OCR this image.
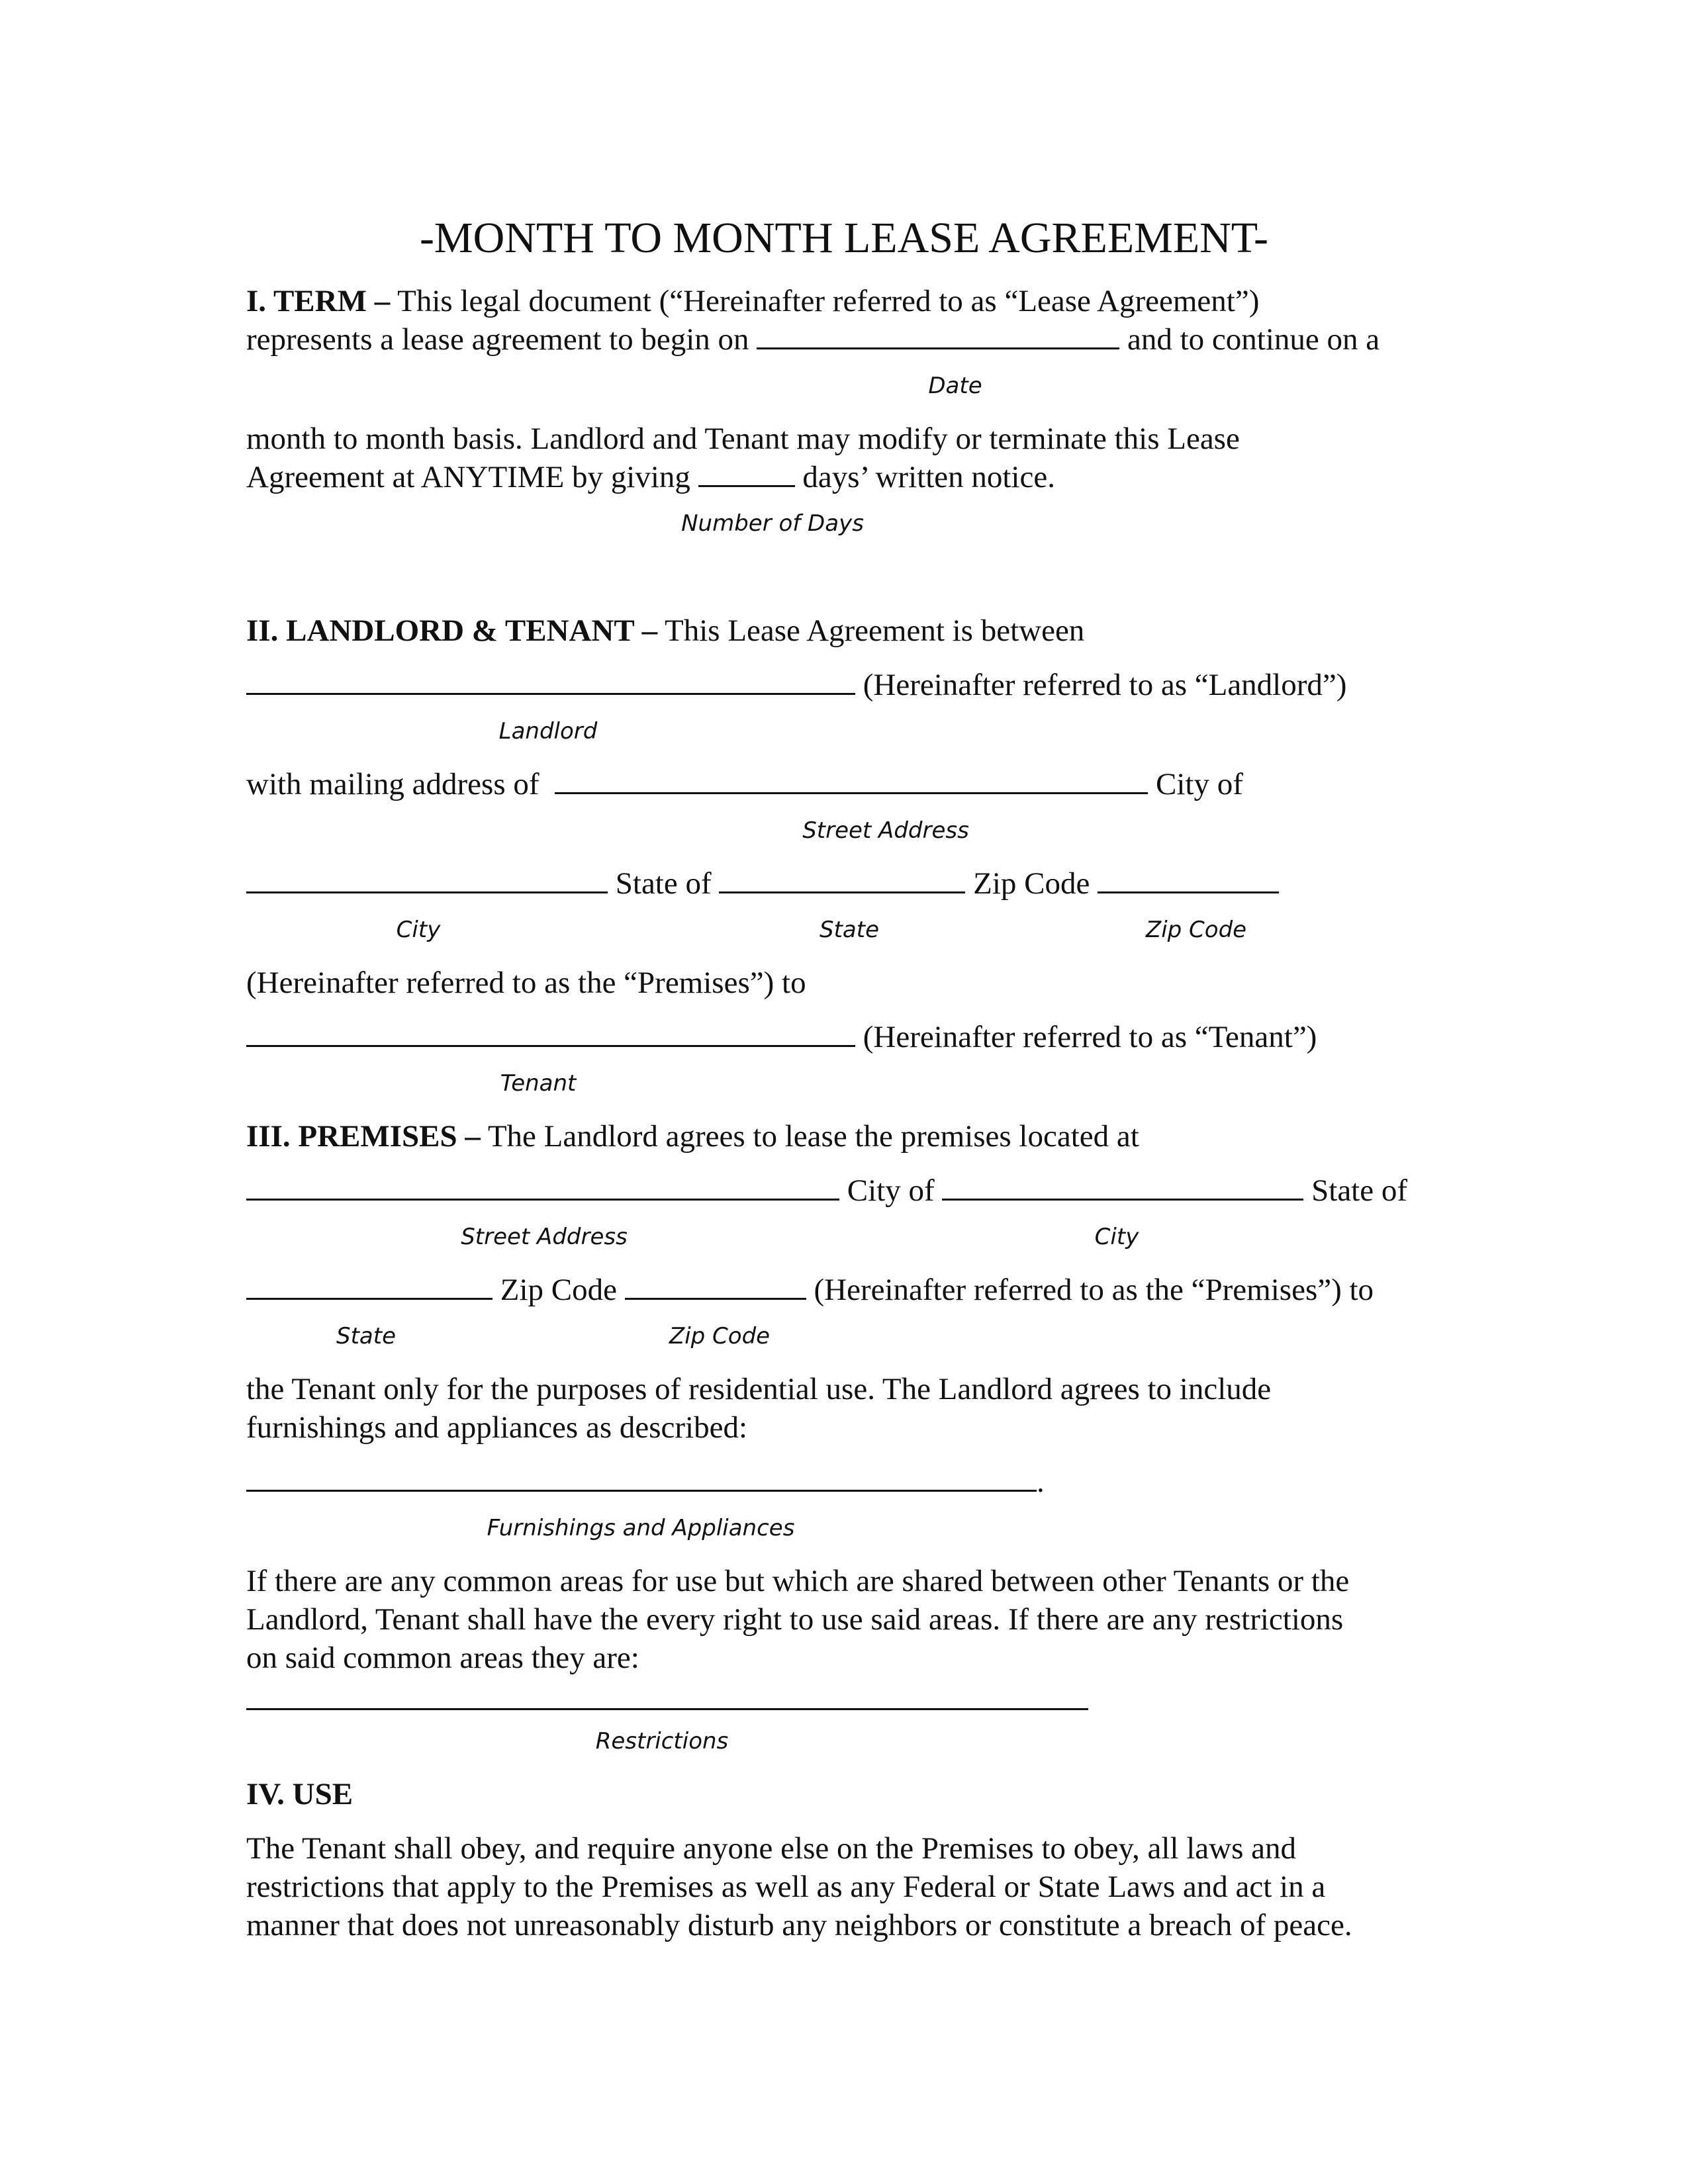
-MONTH TO MONTH LEASE AGREEMENT-
I. TERM – This legal document (“Hereinafter referred to as “Lease Agreement”)
represents a lease agreement to begin on	and to continue on a
Date
month to month basis. Landlord and Tenant may modify or terminate this Lease
Agreement at ANYTIME by giving	days’ written notice.
Number of Days
II. LANDLORD & TENANT – This Lease Agreement is between
(Hereinafter referred to as “Landlord”)
Landlord
with mailing address of	City of
Street Address
State of	Zip Code
City	State	Zip Code
(Hereinafter referred to as the “Premises”) to
(Hereinafter referred to as “Tenant”)
Tenant
III. PREMISES – The Landlord agrees to lease the premises located at
City of	State of
Street Address	City
Zip Code	(Hereinafter referred to as the “Premises”) to
State	Zip Code
the Tenant only for the purposes of residential use. The Landlord agrees to include
furnishings and appliances as described:
.
Furnishings and Appliances
If there are any common areas for use but which are shared between other Tenants or the
Landlord, Tenant shall have the every right to use said areas. If there are any restrictions
on said common areas they are:
Restrictions
IV. USE
The Tenant shall obey, and require anyone else on the Premises to obey, all laws and
restrictions that apply to the Premises as well as any Federal or State Laws and act in a
manner that does not unreasonably disturb any neighbors or constitute a breach of peace.
